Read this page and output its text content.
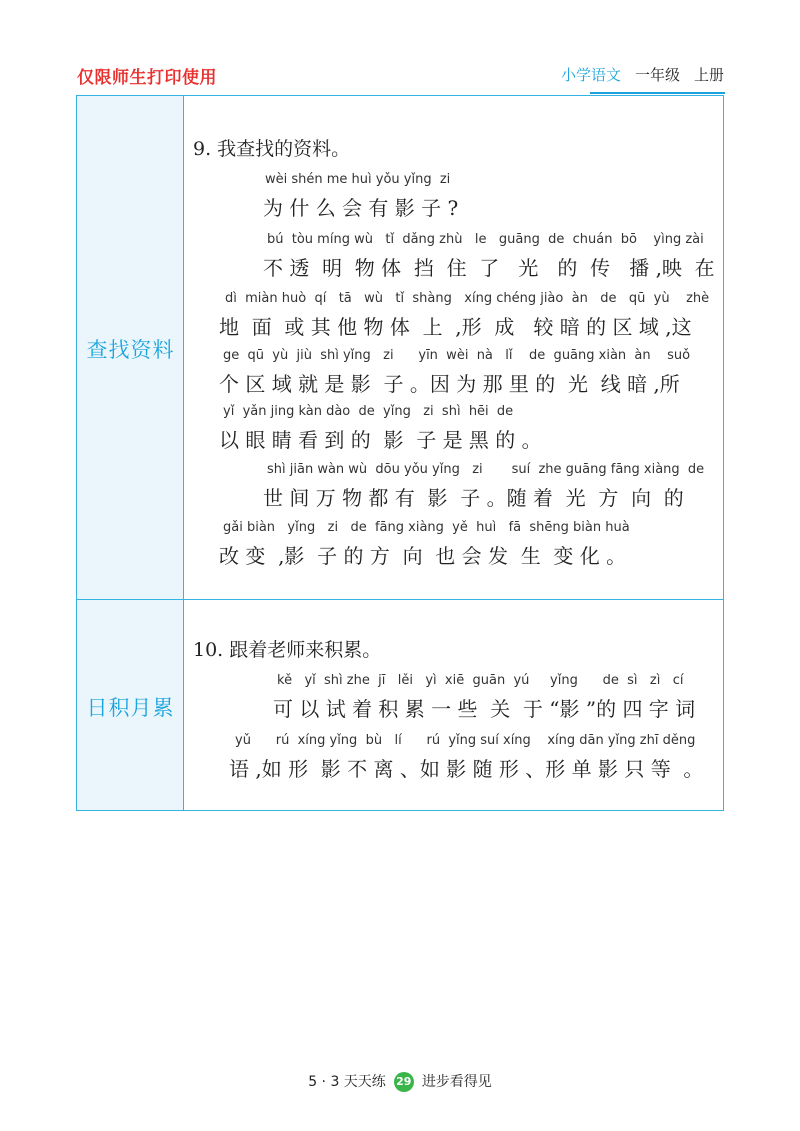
仅限师生打印使用	小学语文 一年级 上册
查找资料
9. 我查找的资料。
wèi shén me huì yǒu yǐng  zi
为 什 么 会 有 影 子 ?
bú  tòu míng wù   tǐ  dǎng zhù   le   guāng  de  chuán  bō    yìng zài
不 透  明  物 体  挡  住  了   光   的  传   播 ,映  在
dì  miàn huò  qí   tā   wù   tǐ  shàng   xíng chéng jiào  àn   de   qū  yù    zhè
地  面  或 其 他 物 体  上  ,形  成   较 暗 的 区 域 ,这
ge  qū  yù  jiù  shì yǐng   zi      yīn  wèi  nà   lǐ    de  guāng xiàn  àn    suǒ
个 区 域 就 是 影  子 。因 为 那 里 的  光  线 暗 ,所
yǐ  yǎn jing kàn dào  de  yǐng   zi  shì  hēi  de
以 眼 睛 看 到 的  影  子 是 黑 的 。
shì jiān wàn wù  dōu yǒu yǐng   zi       suí  zhe guāng fāng xiàng  de
世 间 万 物 都 有  影  子 。随 着  光  方  向  的
gǎi biàn   yǐng   zi   de  fāng xiàng  yě  huì   fā  shēng biàn huà
改 变  ,影  子 的 方  向  也 会 发  生  变 化 。
日积月累
10. 跟着老师来积累。
kě   yǐ  shì zhe  jī   lěi   yì  xiē  guān  yú     yǐng      de  sì   zì   cí
可 以 试 着 积 累 一 些  关  于 “影 ”的 四 字 词
yǔ      rú  xíng yǐng  bù   lí      rú  yǐng suí xíng    xíng dān yǐng zhī děng
语 ,如 形  影 不 离 、如 影 随 形 、形 单 影 只 等  。
5 · 3 天天练 29 进步看得见
